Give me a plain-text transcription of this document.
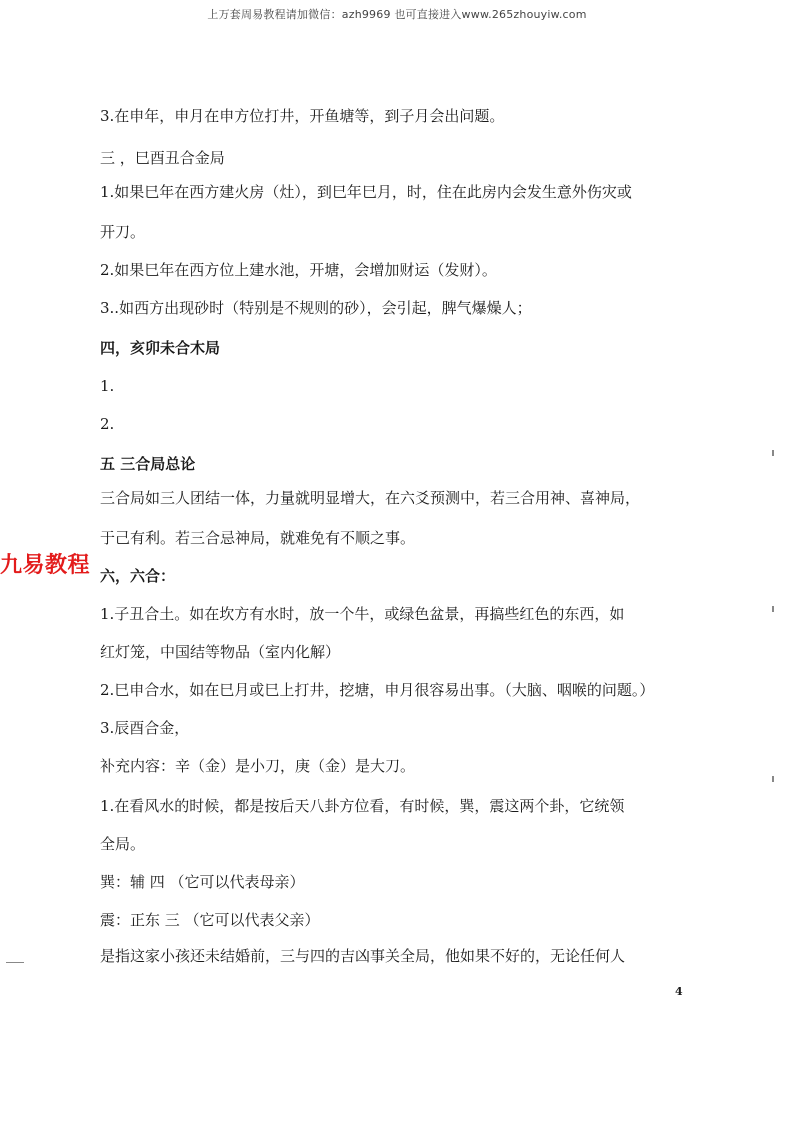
上万套周易教程请加微信：azh9969 也可直接进入www.265zhouyiw.com
3.在申年，申月在申方位打井，开鱼塘等，到子月会出问题。
三 ，巳酉丑合金局
1.如果巳年在西方建火房（灶），到巳年巳月，时，住在此房内会发生意外伤灾或
开刀。
2.如果巳年在西方位上建水池，开塘，会增加财运（发财）。
3..如西方出现砂时（特别是不规则的砂），会引起，脾气爆燥人；
四，亥卯未合木局
1.
2.
五 三合局总论
三合局如三人团结一体，力量就明显增大，在六爻预测中，若三合用神、喜神局，
于己有利。若三合忌神局，就难免有不顺之事。
六，六合：
1.子丑合土。如在坎方有水时，放一个牛，或绿色盆景，再搞些红色的东西，如
红灯笼，中国结等物品（室内化解）
2.巳申合水，如在巳月或巳上打井，挖塘，申月很容易出事。（大脑、咽喉的问题。）
3.辰酉合金，
补充内容：辛（金）是小刀，庚（金）是大刀。
1.在看风水的时候，都是按后天八卦方位看，有时候，巽，震这两个卦，它统领
全局。
巽：辅 四 （它可以代表母亲）
震：正东 三 （它可以代表父亲）
是指这家小孩还未结婚前，三与四的吉凶事关全局，他如果不好的，无论任何人
九易教程
4
